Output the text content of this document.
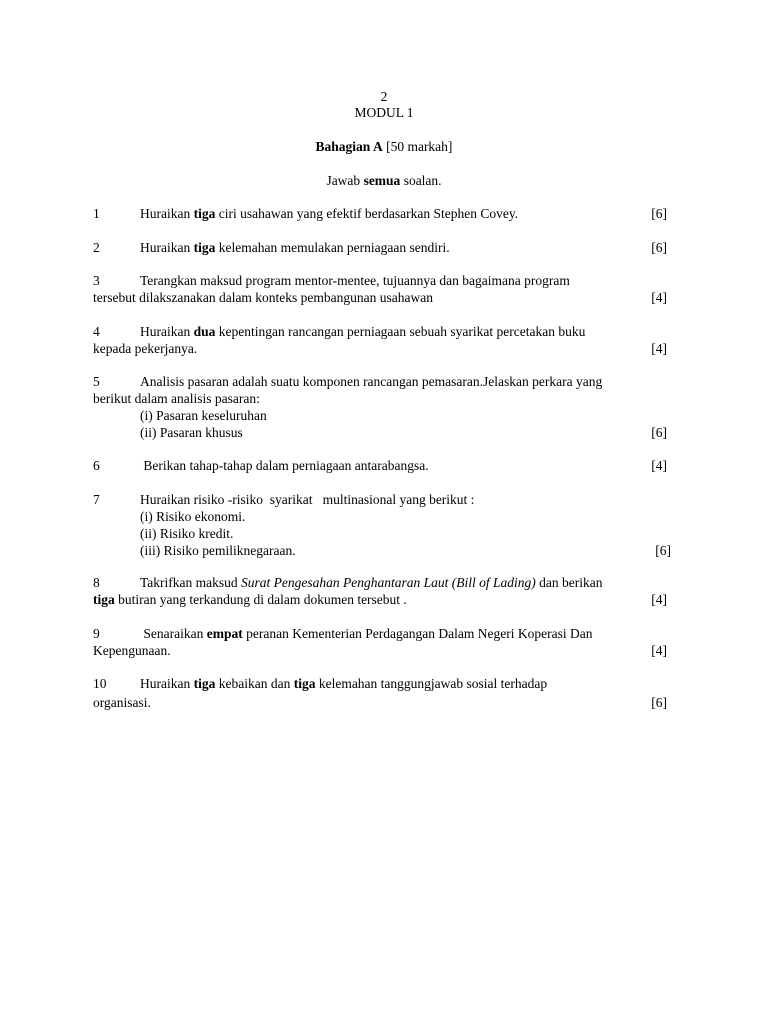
2
MODUL 1
Bahagian A [50 markah]
Jawab semua soalan.
1	Huraikan tiga ciri usahawan yang efektif berdasarkan Stephen Covey.	[6]
2	Huraikan tiga kelemahan memulakan perniagaan sendiri.	[6]
3	Terangkan maksud program mentor-mentee, tujuannya dan bagaimana program
tersebut dilakszanakan dalam konteks pembangunan usahawan	[4]
4	Huraikan dua kepentingan rancangan perniagaan sebuah syarikat percetakan buku
kepada pekerjanya.	[4]
5	Analisis pasaran adalah suatu komponen rancangan pemasaran.Jelaskan perkara yang
berikut dalam analisis pasaran:
(i) Pasaran keseluruhan
(ii) Pasaran khusus	[6]
6	Berikan tahap-tahap dalam perniagaan antarabangsa.	[4]
7	Huraikan risiko -risiko  syarikat   multinasional yang berikut :
(i) Risiko ekonomi.
(ii) Risiko kredit.
(iii) Risiko pemiliknegaraan.	[6]
8	Takrifkan maksud Surat Pengesahan Penghantaran Laut (Bill of Lading) dan berikan
tiga butiran yang terkandung di dalam dokumen tersebut .	[4]
9	Senaraikan empat peranan Kementerian Perdagangan Dalam Negeri Koperasi Dan
Kepengunaan.	[4]
10 Huraikan tiga kebaikan dan tiga kelemahan tanggungjawab sosial terhadap
organisasi.	[6]
